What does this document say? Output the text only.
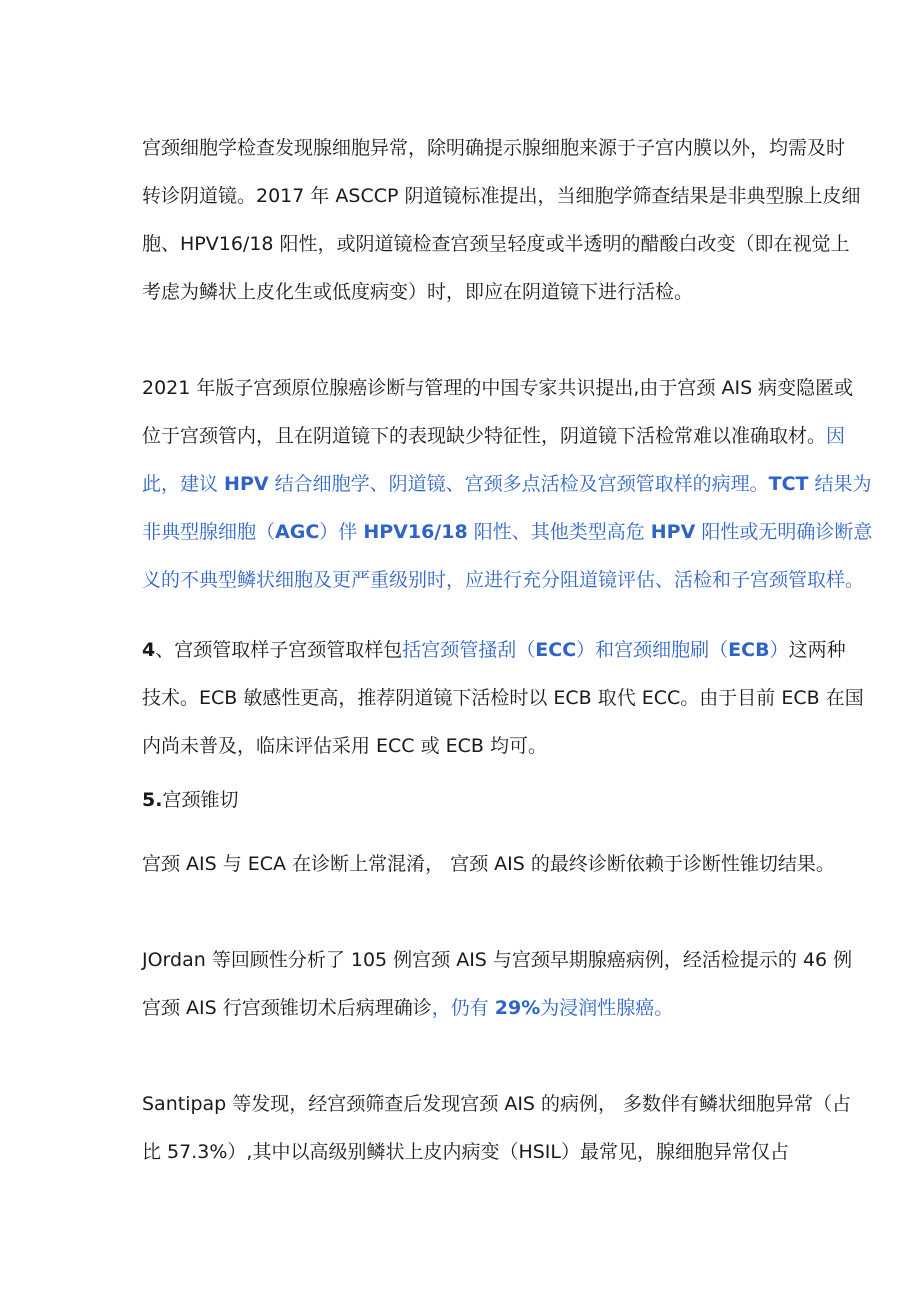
宫颈细胞学检查发现腺细胞异常，除明确提示腺细胞来源于子宫内膜以外，均需及时
转诊阴道镜。2017 年 ASCCP 阴道镜标准提出，当细胞学筛查结果是非典型腺上皮细
胞、HPV16/18 阳性，或阴道镜检查宫颈呈轻度或半透明的醋酸白改变（即在视觉上
考虑为鳞状上皮化生或低度病变）时，即应在阴道镜下进行活检。
2021 年版子宫颈原位腺癌诊断与管理的中国专家共识提出,由于宫颈 AIS 病变隐匿或
位于宫颈管内，且在阴道镜下的表现缺少特征性，阴道镜下活检常难以准确取材。因
此，建议 HPV 结合细胞学、阴道镜、宫颈多点活检及宫颈管取样的病理。TCT 结果为
非典型腺细胞（AGC）伴 HPV16/18 阳性、其他类型高危 HPV 阳性或无明确诊断意
义的不典型鳞状细胞及更严重级别时，应进行充分阻道镜评估、活检和子宫颈管取样。
4、宫颈管取样子宫颈管取样包括宫颈管搔刮（ECC）和宫颈细胞刷（ECB）这两种
技术。ECB 敏感性更高，推荐阴道镜下活检时以 ECB 取代 ECC。由于目前 ECB 在国
内尚未普及，临床评估采用 ECC 或 ECB 均可。
5.宫颈锥切
宫颈 AIS 与 ECA 在诊断上常混淆， 宫颈 AIS 的最终诊断依赖于诊断性锥切结果。
JOrdan 等回顾性分析了 105 例宫颈 AIS 与宫颈早期腺癌病例，经活检提示的 46 例
宫颈 AIS 行宫颈锥切术后病理确诊，仍有 29%为浸润性腺癌。
Santipap 等发现，经宫颈筛查后发现宫颈 AIS 的病例， 多数伴有鳞状细胞异常（占
比 57.3%）,其中以高级别鳞状上皮内病变（HSIL）最常见，腺细胞异常仅占
